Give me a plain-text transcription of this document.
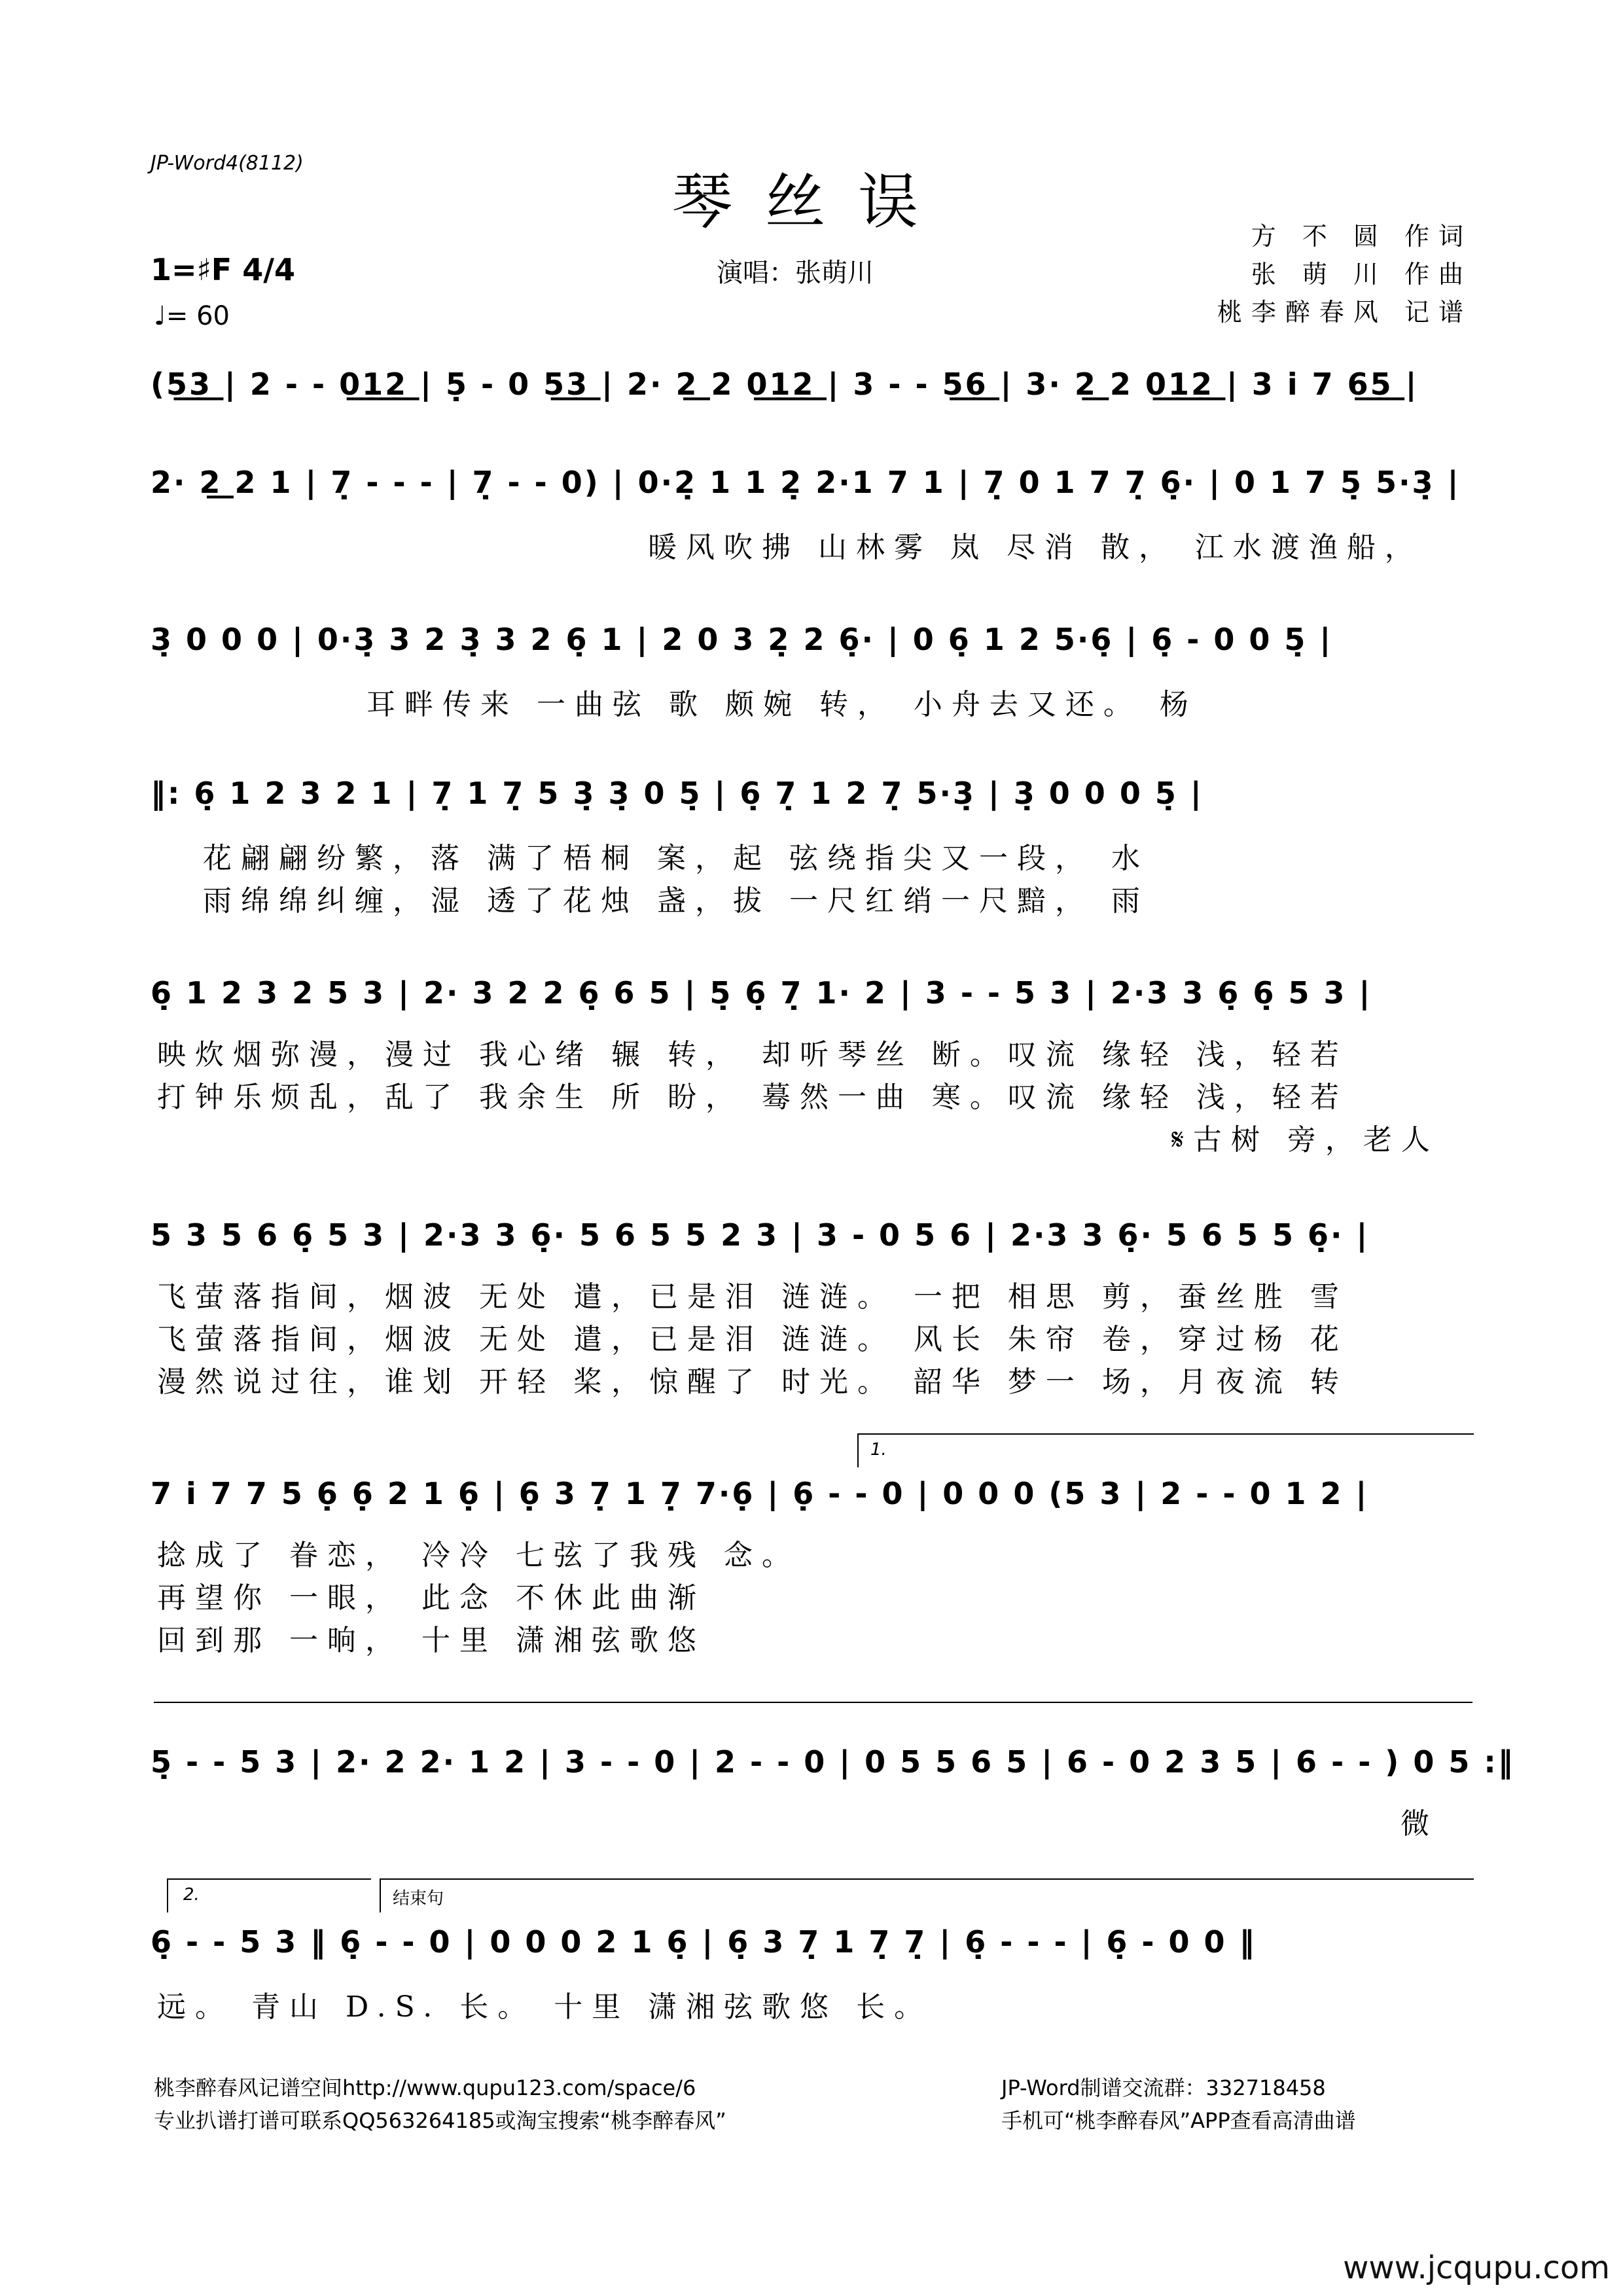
JP-Word4(8112)
琴丝误
1=♯F 4/4
♩= 60
演唱：张萌川
方 不 圆 作词
张 萌 川 作曲
桃李醉春风 记谱
(5͟3͟ | 2 - - 0͟1͟2͟ | 5̣ - 0 5͟3͟ | 2· 2͟ 2 0͟1͟2͟ | 3 - - 5͟6͟ | 3· 2͟ 2 0͟1͟2͟ | 3 i̇ 7 6͟5͟ |
2· 2͟ 2 1 | 7̣ - - - | 7̣ - - 0) | 0·2̣ 1 1 2̣ 2·1 7 1 | 7̣ 0 1 7 7̣ 6̣· | 0 1 7 5̣ 5·3̣ |
暖风吹拂 山林雾 岚 尽消 散， 江水渡渔船，
3̣ 0 0 0 | 0·3̣ 3 2 3̣ 3 2 6̣ 1 | 2 0 3 2̣ 2 6̣· | 0 6̣ 1 2 5·6̣ | 6̣ - 0 0 5̣ |
耳畔传来 一曲弦 歌 颇婉 转， 小舟去又还。 杨
‖: 6̣ 1 2 3 2 1 | 7̣ 1 7̣ 5 3̣ 3̣ 0 5̣ | 6̣ 7̣ 1 2 7̣ 5·3̣ | 3̣ 0 0 0 5̣ |
花翩翩纷繁，落 满了梧桐 案，起 弦绕指尖又一段， 水
雨绵绵纠缠，湿 透了花烛 盏，拔 一尺红绡一尺黯， 雨
6̣ 1 2 3 2 5 3 | 2· 3 2 2 6̣ 6 5 | 5̣ 6̣ 7̣ 1· 2 | 3 - - 5 3 | 2·3 3 6̣ 6̣ 5 3 |
映炊烟弥漫，漫过 我心绪 辗 转， 却听琴丝 断。叹流 缘轻 浅，轻若
打钟乐烦乱，乱了 我余生 所 盼， 蓦然一曲 寒。叹流 缘轻 浅，轻若
𝄋古树 旁，老人
5 3 5 6 6̣ 5 3 | 2·3 3 6̣· 5 6 5 5 2 3 | 3 - 0 5 6 | 2·3 3 6̣· 5 6 5 5 6̣· |
飞萤落指间，烟波 无处 遣，已是泪 涟涟。 一把 相思 剪，蚕丝胜 雪
飞萤落指间，烟波 无处 遣，已是泪 涟涟。 风长 朱帘 卷，穿过杨 花
漫然说过往，谁划 开轻 桨，惊醒了 时光。 韶华 梦一 场，月夜流 转
1.
7 i̇ 7 7 5 6̣ 6̣ 2 1 6̣ | 6̣ 3 7̣ 1 7̣ 7·6̣ | 6̣ - - 0 | 0 0 0 (5 3 | 2 - - 0 1 2 |
捻成了 眷恋， 冷冷 七弦了我残 念。
再望你 一眼， 此念 不休此曲渐
回到那 一晌， 十里 潇湘弦歌悠
5̣ - - 5 3 | 2· 2 2· 1 2 | 3 - - 0 | 2 - - 0 | 0 5 5 6 5 | 6 - 0 2 3 5 | 6 - - ) 0 5 :‖
微
2.	结束句
6̣ - - 5 3 ‖ 6̣ - - 0 | 0 0 0 2 1 6̣ | 6̣ 3 7̣ 1 7̣ 7̣ | 6̣ - - - | 6̣ - 0 0 ‖
远。 青山 D.S. 长。 十里 潇湘弦歌悠 长。
桃李醉春风记谱空间http://www.qupu123.com/space/6
专业扒谱打谱可联系QQ563264185或淘宝搜索“桃李醉春风”
JP-Word制谱交流群：332718458
手机可“桃李醉春风”APP查看高清曲谱
www.jcqupu.com
